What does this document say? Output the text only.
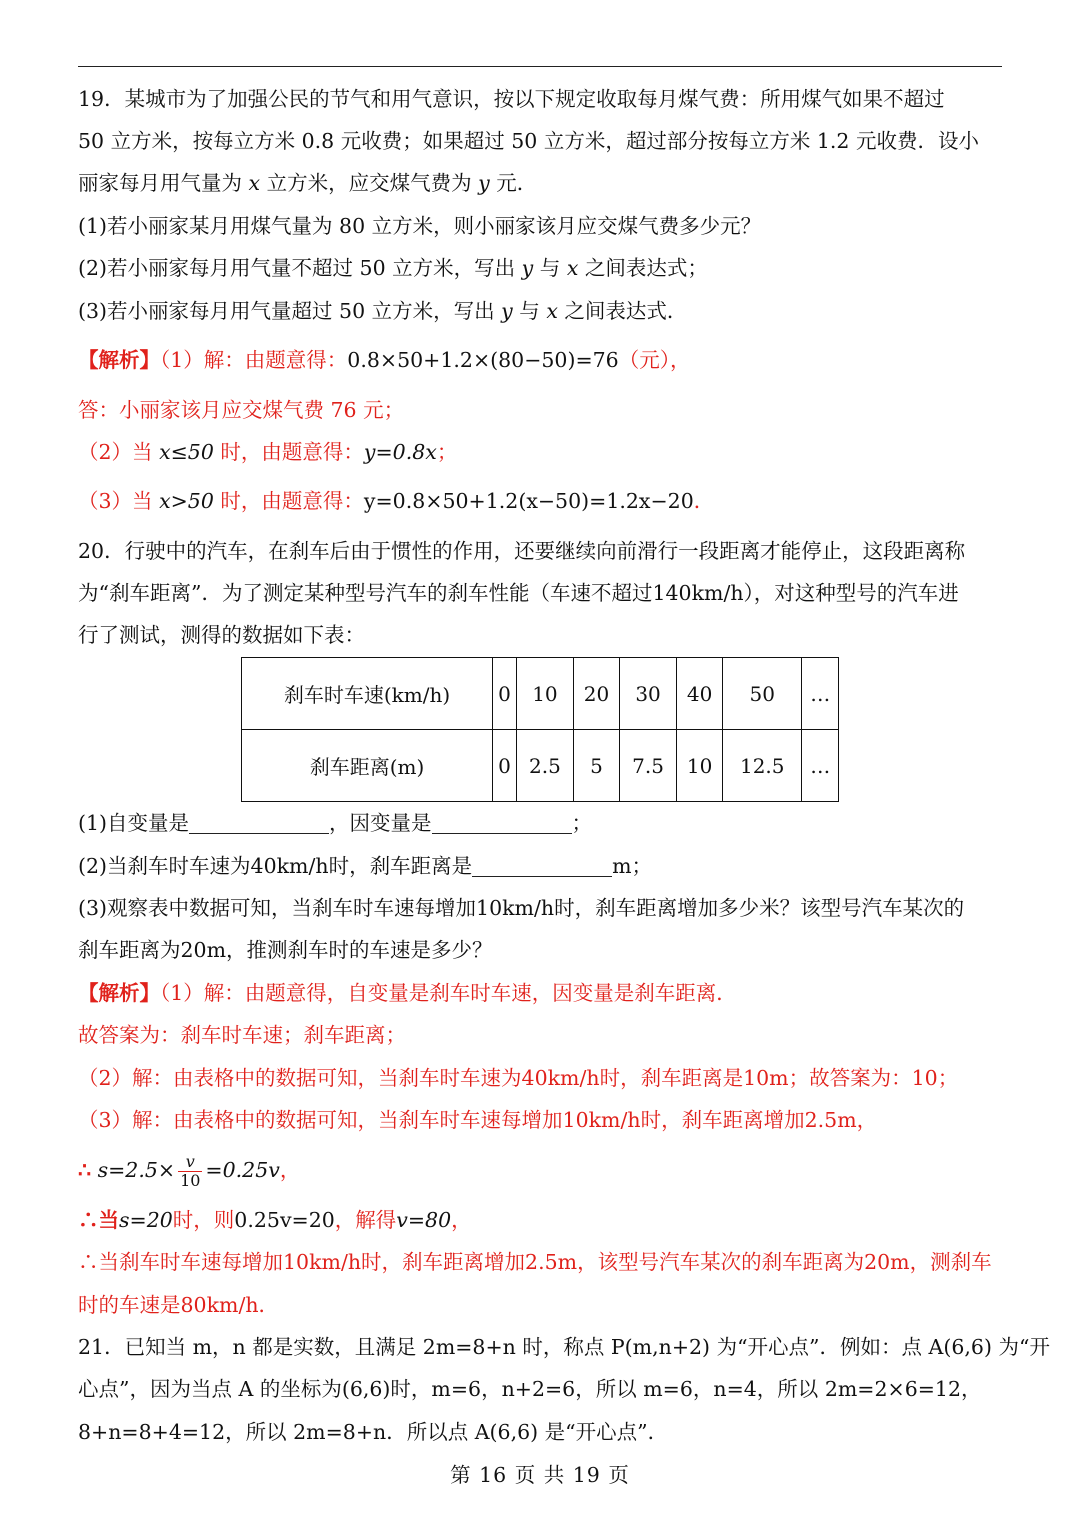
19．某城市为了加强公民的节气和用气意识，按以下规定收取每月煤气费：所用煤气如果不超过
50 立方米，按每立方米 0.8 元收费；如果超过 50 立方米，超过部分按每立方米 1.2 元收费．设小
丽家每月用气量为 x 立方米，应交煤气费为 y 元．
(1)若小丽家某月用煤气量为 80 立方米，则小丽家该月应交煤气费多少元？
(2)若小丽家每月用气量不超过 50 立方米，写出 y 与 x 之间表达式；
(3)若小丽家每月用气量超过 50 立方米，写出 y 与 x 之间表达式．
【解析】（1）解：由题意得：0.8×50+1.2×(80−50)=76（元），
答：小丽家该月应交煤气费 76 元；
（2）当 x≤50 时，由题意得：y=0.8x；
（3）当 x>50 时，由题意得：y=0.8×50+1.2(x−50)=1.2x−20．
20．行驶中的汽车，在刹车后由于惯性的作用，还要继续向前滑行一段距离才能停止，这段距离称
为“刹车距离”．为了测定某种型号汽车的刹车性能（车速不超过140km/h），对这种型号的汽车进
行了测试，测得的数据如下表：
刹车时车速(km/h)	0	10	20	30	40	50	…
刹车距离(m)	0	2.5	5	7.5	10	12.5	…
(1)自变量是	，因变量是	；
(2)当刹车时车速为40km/h时，刹车距离是	m；
(3)观察表中数据可知，当刹车时车速每增加10km/h时，刹车距离增加多少米？该型号汽车某次的
刹车距离为20m，推测刹车时的车速是多少？
【解析】（1）解：由题意得，自变量是刹车时车速，因变量是刹车距离．
故答案为：刹车时车速；刹车距离；
（2）解：由表格中的数据可知，当刹车时车速为40km/h时，刹车距离是10m；故答案为：10；
（3）解：由表格中的数据可知，当刹车时车速每增加10km/h时，刹车距离增加2.5m，
∴ $s=2.5\times \frac{v}{10} =0.25v$，
∴当s=20时，则0.25v=20，解得v=80，
∴当刹车时车速每增加10km/h时，刹车距离增加2.5m，该型号汽车某次的刹车距离为20m，测刹车
时的车速是80km/h．
21．已知当 m，n 都是实数，且满足 2m=8+n 时，称点 P(m,n+2) 为“开心点”．例如：点 A(6,6) 为“开
心点”，因为当点 A 的坐标为(6,6)时，m=6，n+2=6，所以 m=6，n=4，所以 2m=2×6=12，
8+n=8+4=12，所以 2m=8+n．所以点 A(6,6) 是“开心点”．
第 16 页 共 19 页
